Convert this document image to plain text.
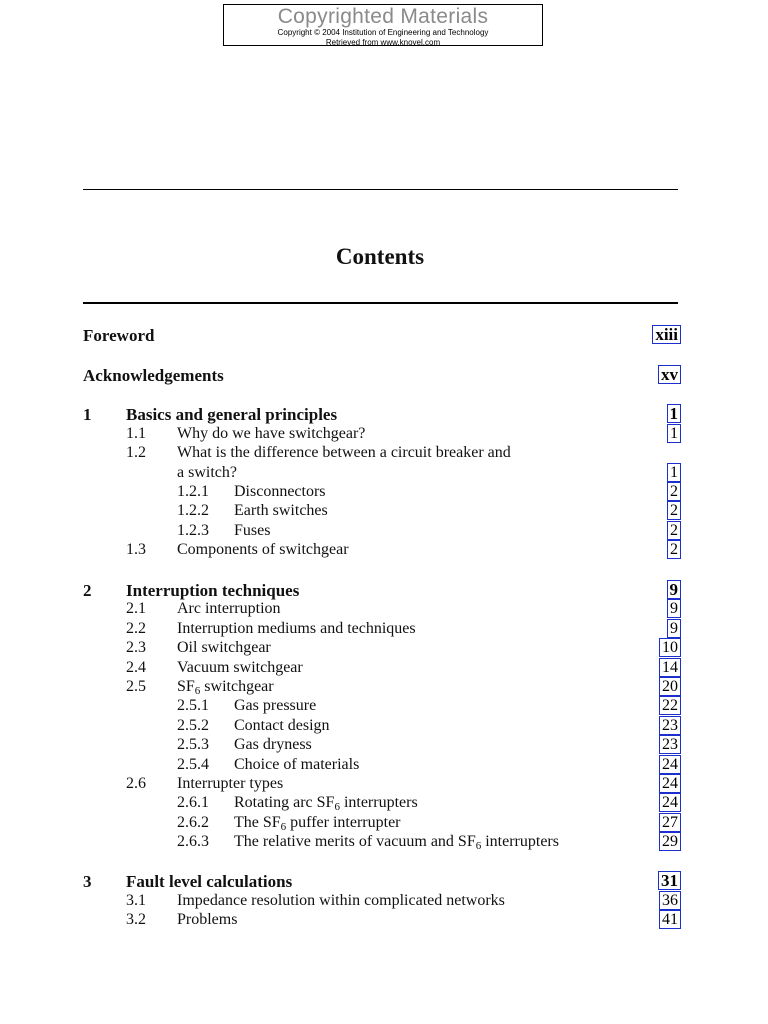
Copyrighted Materials
Copyright © 2004 Institution of Engineering and Technology
Retrieved from www.knovel.com
Contents
Foreword	xiii
Acknowledgements	xv
1 Basics and general principles	1
1.1 Why do we have switchgear?	1
1.2 What is the difference between a circuit breaker and
a switch?	1
1.2.1 Disconnectors	2
1.2.2 Earth switches	2
1.2.3 Fuses	2
1.3 Components of switchgear	2
2 Interruption techniques	9
2.1 Arc interruption	9
2.2 Interruption mediums and techniques	9
2.3 Oil switchgear	10
2.4 Vacuum switchgear	14
2.5 $SF_6$ switchgear	20
2.5.1 Gas pressure	22
2.5.2 Contact design	23
2.5.3 Gas dryness	23
2.5.4 Choice of materials	24
2.6 Interrupter types	24
2.6.1 Rotating arc $SF_6$ interrupters	24
2.6.2 The $SF_6$ puffer interrupter	27
2.6.3 The relative merits of vacuum and $SF_6$ interrupters	29
3 Fault level calculations	31
3.1 Impedance resolution within complicated networks	36
3.2 Problems	41
